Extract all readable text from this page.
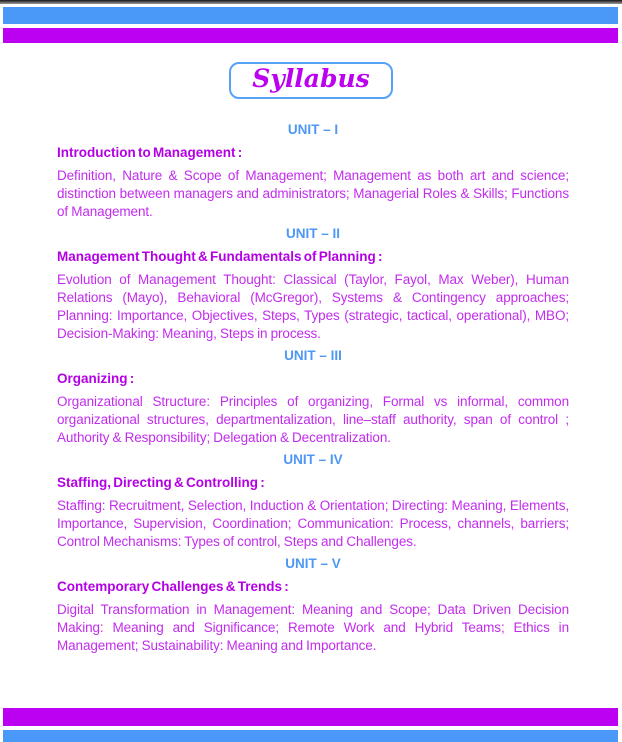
Syllabus
UNIT – I
Introduction to Management :

Definition, Nature & Scope of Management; Management as both art and science; distinction between managers and administrators; Managerial Roles & Skills; Functions of Management.

UNIT – II
Management Thought & Fundamentals of Planning :

Evolution of Management Thought: Classical (Taylor, Fayol, Max Weber), Human Relations (Mayo), Behavioral (McGregor), Systems & Contingency approaches; Planning: Importance, Objectives, Steps, Types (strategic, tactical, operational), MBO; Decision-Making: Meaning, Steps in process.

UNIT – III
Organizing :

Organizational Structure: Principles of organizing, Formal vs informal, common organizational structures, departmentalization, line–staff authority, span of control ; Authority & Responsibility; Delegation & Decentralization.

UNIT – IV
Staffing, Directing & Controlling :

Staffing: Recruitment, Selection, Induction & Orientation; Directing: Meaning, Elements, Importance, Supervision, Coordination; Communication: Process, channels, barriers; Control Mechanisms: Types of control, Steps and Challenges.

UNIT – V
Contemporary Challenges & Trends :

Digital Transformation in Management: Meaning and Scope; Data Driven Decision Making: Meaning and Significance; Remote Work and Hybrid Teams; Ethics in Management; Sustainability: Meaning and Importance.
